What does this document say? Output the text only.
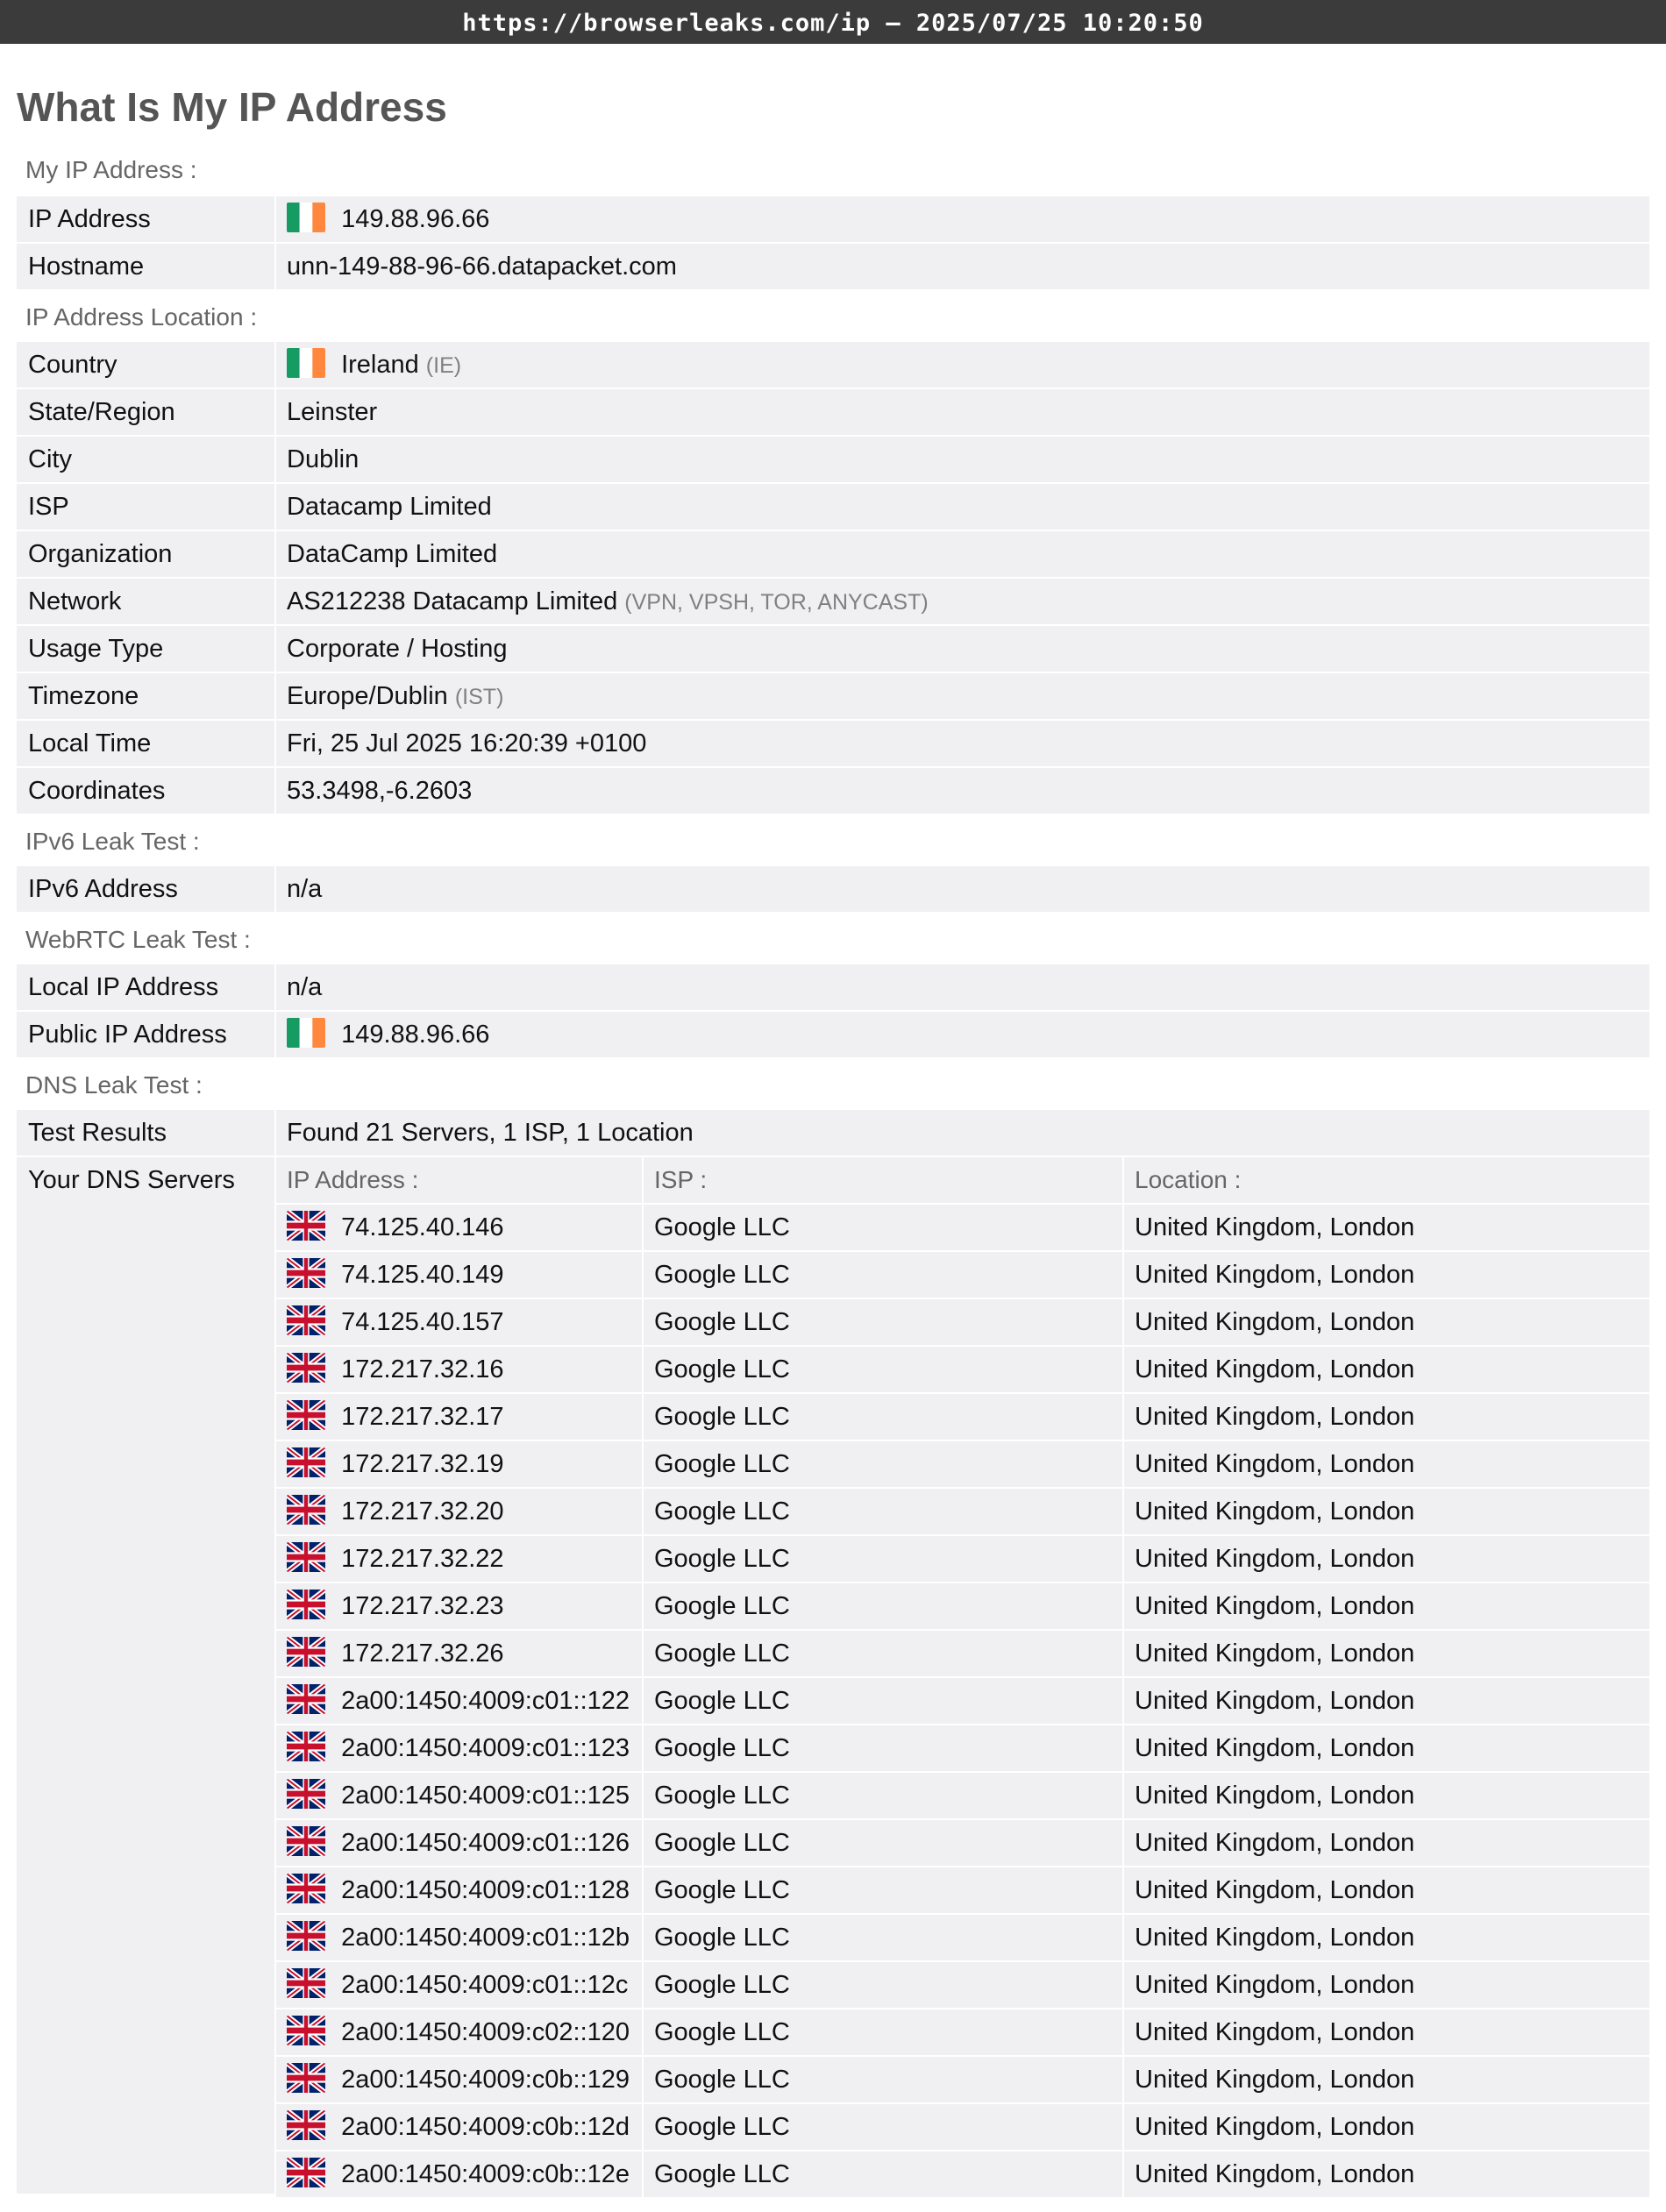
https://browserleaks.com/ip – 2025/07/25 10:20:50
What Is My IP Address
My IP Address :
IP Address	149.88.96.66
Hostname	unn-149-88-96-66.datapacket.com
IP Address Location :
Country	Ireland (IE)
State/Region	Leinster
City	Dublin
ISP	Datacamp Limited
Organization	DataCamp Limited
Network	AS212238 Datacamp Limited (VPN, VPSH, TOR, ANYCAST)
Usage Type	Corporate / Hosting
Timezone	Europe/Dublin (IST)
Local Time	Fri, 25 Jul 2025 16:20:39 +0100
Coordinates	53.3498,-6.2603
IPv6 Leak Test :
IPv6 Address	n/a
WebRTC Leak Test :
Local IP Address	n/a
Public IP Address	149.88.96.66
DNS Leak Test :
Test Results	Found 21 Servers, 1 ISP, 1 Location
Your DNS Servers	IP Address :	ISP :	Location :
74.125.40.146	Google LLC	United Kingdom, London
74.125.40.149	Google LLC	United Kingdom, London
74.125.40.157	Google LLC	United Kingdom, London
172.217.32.16	Google LLC	United Kingdom, London
172.217.32.17	Google LLC	United Kingdom, London
172.217.32.19	Google LLC	United Kingdom, London
172.217.32.20	Google LLC	United Kingdom, London
172.217.32.22	Google LLC	United Kingdom, London
172.217.32.23	Google LLC	United Kingdom, London
172.217.32.26	Google LLC	United Kingdom, London
2a00:1450:4009:c01::122 Google LLC	United Kingdom, London
2a00:1450:4009:c01::123 Google LLC	United Kingdom, London
2a00:1450:4009:c01::125 Google LLC	United Kingdom, London
2a00:1450:4009:c01::126 Google LLC	United Kingdom, London
2a00:1450:4009:c01::128 Google LLC	United Kingdom, London
2a00:1450:4009:c01::12b Google LLC	United Kingdom, London
2a00:1450:4009:c01::12c	Google LLC	United Kingdom, London
2a00:1450:4009:c02::120 Google LLC	United Kingdom, London
2a00:1450:4009:c0b::129 Google LLC	United Kingdom, London
2a00:1450:4009:c0b::12d Google LLC	United Kingdom, London
2a00:1450:4009:c0b::12e Google LLC	United Kingdom, London
